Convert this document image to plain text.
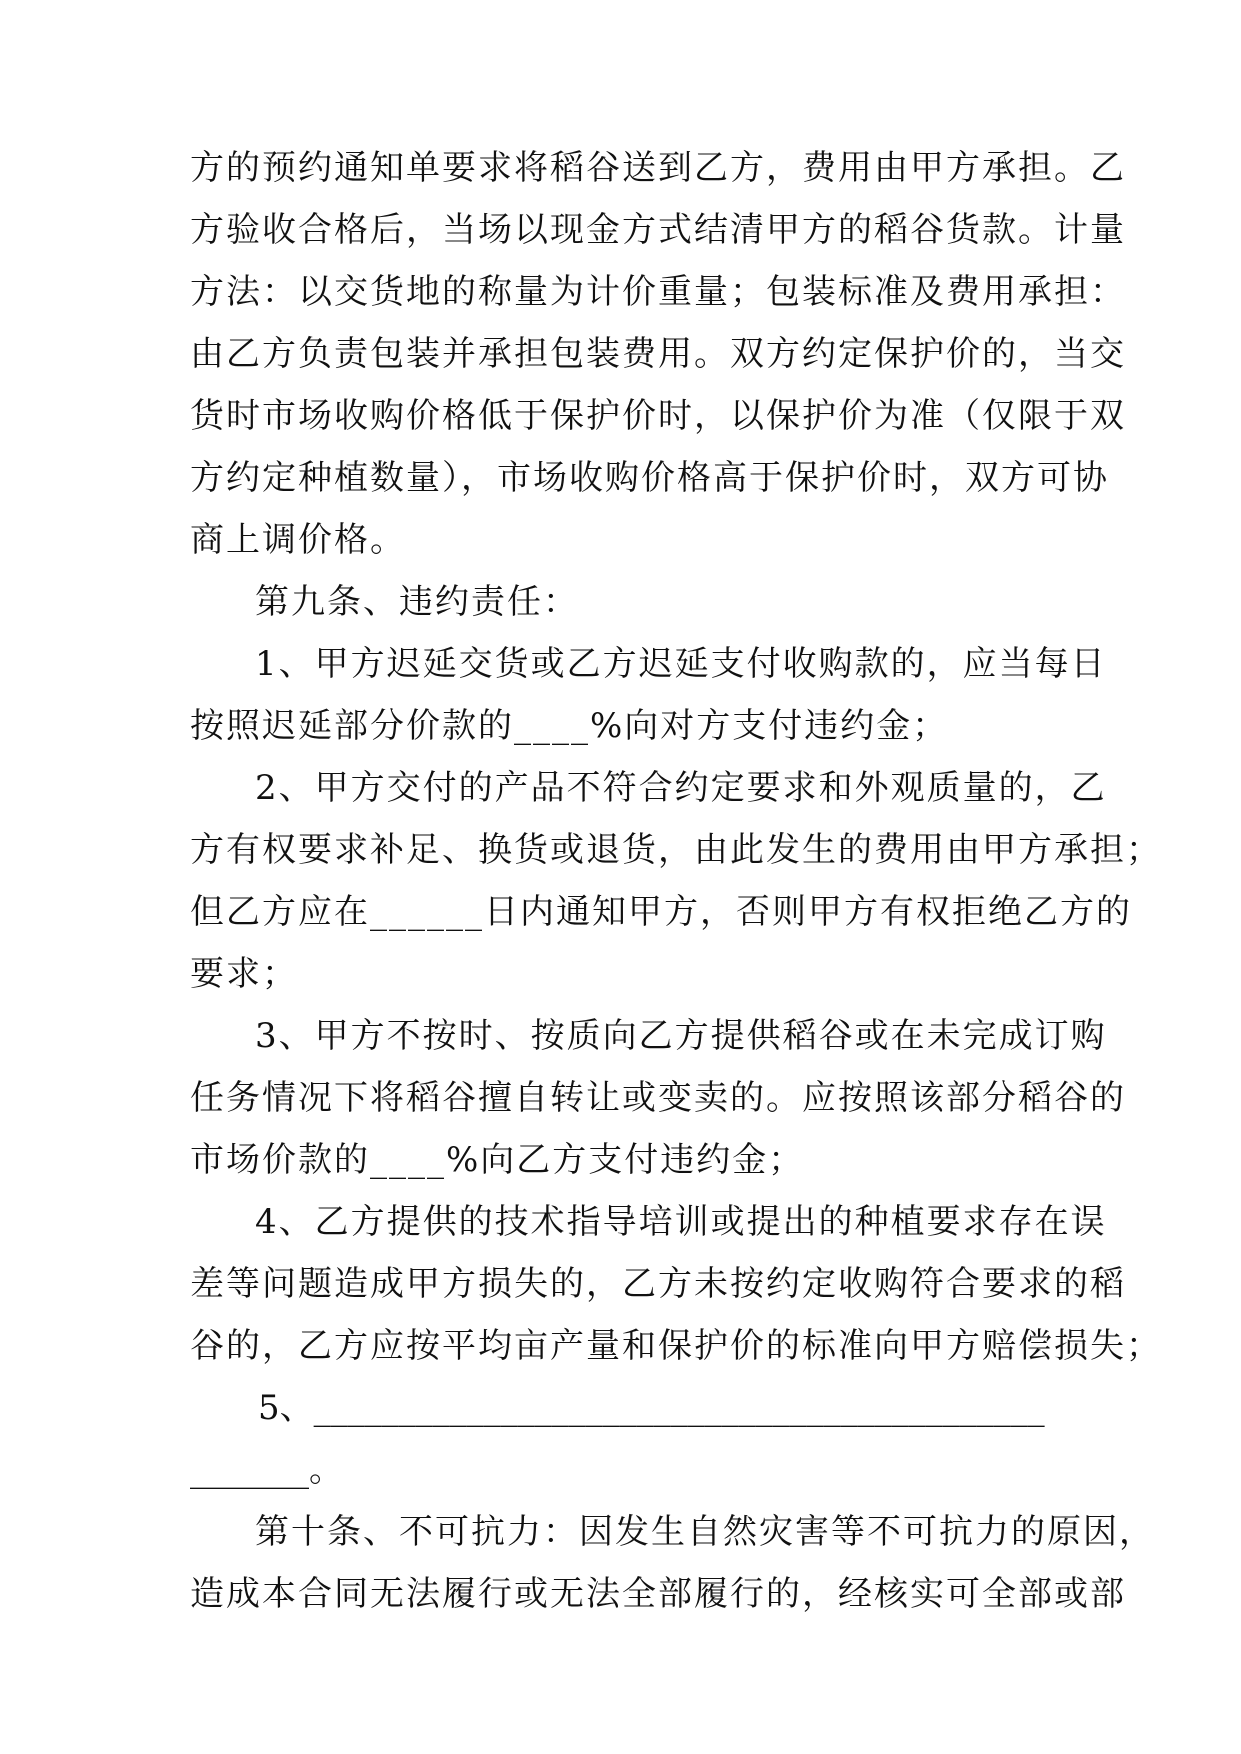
方的预约通知单要求将稻谷送到乙方，费用由甲方承担。乙
方验收合格后，当场以现金方式结清甲方的稻谷货款。计量
方法：以交货地的称量为计价重量；包装标准及费用承担：
由乙方负责包装并承担包装费用。双方约定保护价的，当交
货时市场收购价格低于保护价时，以保护价为准（仅限于双
方约定种植数量），市场收购价格高于保护价时，双方可协
商上调价格。
第九条、违约责任：
1、甲方迟延交货或乙方迟延支付收购款的，应当每日
按照迟延部分价款的____%向对方支付违约金；
2、甲方交付的产品不符合约定要求和外观质量的，乙
方有权要求补足、换货或退货，由此发生的费用由甲方承担；
但乙方应在______日内通知甲方，否则甲方有权拒绝乙方的
要求；
3、甲方不按时、按质向乙方提供稻谷或在未完成订购
任务情况下将稻谷擅自转让或变卖的。应按照该部分稻谷的
市场价款的____%向乙方支付违约金；
4、乙方提供的技术指导培训或提出的种植要求存在误
差等问题造成甲方损失的，乙方未按约定收购符合要求的稻
谷的，乙方应按平均亩产量和保护价的标准向甲方赔偿损失；
5、___________________________________________
_______。
第十条、不可抗力：因发生自然灾害等不可抗力的原因，
造成本合同无法履行或无法全部履行的，经核实可全部或部
